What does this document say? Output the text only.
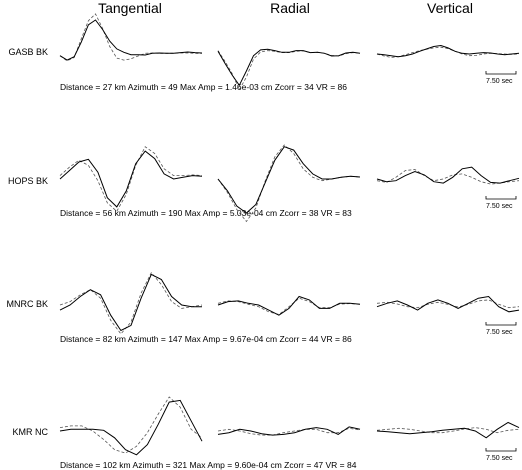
Tangential	Radial	Vertical
GASB BK
HOPS BK
MNRC BK
KMR NC
Distance = 27 km Azimuth = 49 Max Amp = 1.46e-03 cm Zcorr = 34 VR = 86
Distance = 56 km Azimuth = 190 Max Amp = 5.03e-04 cm Zcorr = 38 VR = 83
Distance = 82 km Azimuth = 147 Max Amp = 9.67e-04 cm Zcorr = 44 VR = 86
Distance = 102 km Azimuth = 321 Max Amp = 9.60e-04 cm Zcorr = 47 VR = 84
7.50 sec
7.50 sec
7.50 sec
7.50 sec
